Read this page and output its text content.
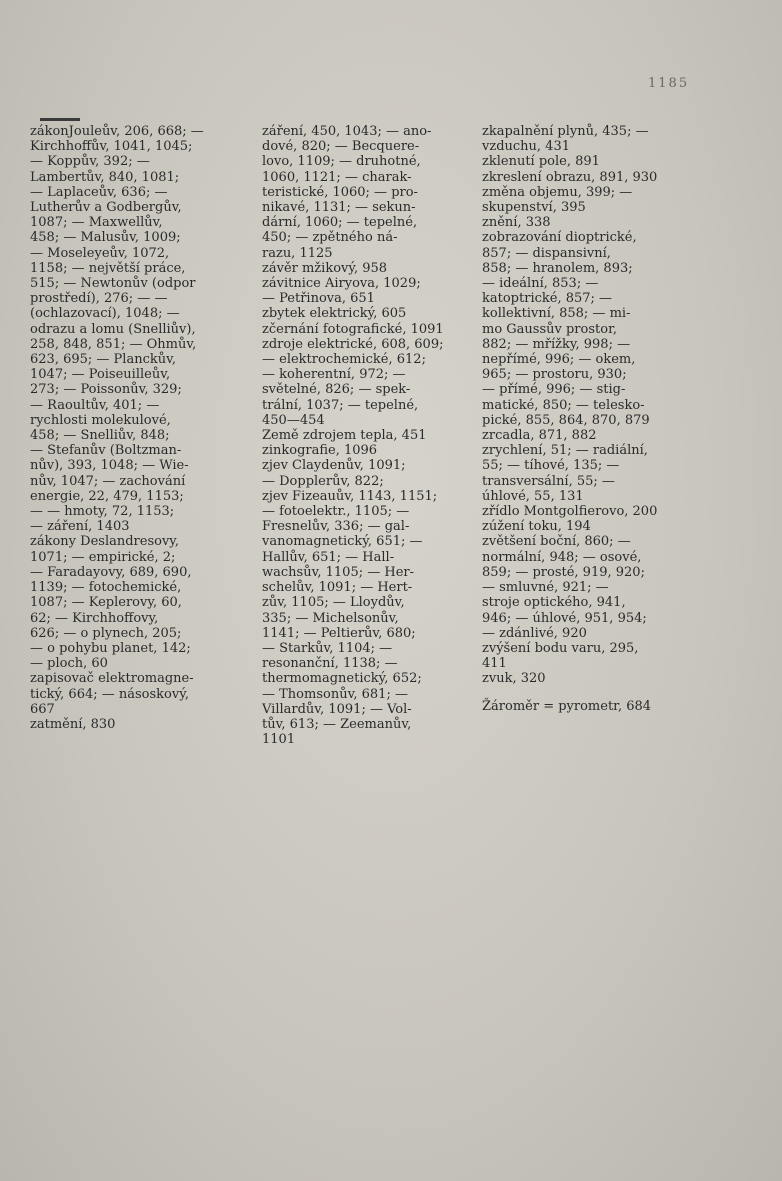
1185

zákonJouleův, 206, 668; —

Kirchhoffův, 1041, 1045;

— Koppův, 392; —

Lambertův, 840, 1081;

— Laplaceův, 636; —

Lutherův a Godbergův,

1087; — Maxwellův,

458; — Malusův, 1009;

— Moseleyeův, 1072,

1158; — největší práce,

515; — Newtonův (odpor

prostředí), 276; — —

(ochlazovací), 1048; —

odrazu a lomu (Snelliův),

258, 848, 851; — Ohmův,

623, 695; — Planckův,

1047; — Poiseuilleův,

273; — Poissonův, 329;

— Raoultův, 401; —

rychlosti molekulové,

458; — Snelliův, 848;

— Stefanův (Boltzman-

nův), 393, 1048; — Wie-

nův, 1047; — zachování

energie, 22, 479, 1153;

— — hmoty, 72, 1153;

— záření, 1403

zákony Deslandresovy,

1071; — empirické, 2;

— Faradayovy, 689, 690,

1139; — fotochemické,

1087; — Keplerovy, 60,

62; — Kirchhoffovy,

626; — o plynech, 205;

— o pohybu planet, 142;

— ploch, 60

zapisovač elektromagne-

tický, 664; — násoskový,

667

zatmění, 830

záření, 450, 1043; — ano-

dové, 820; — Becquere-

lovo, 1109; — druhotné,

1060, 1121; — charak-

teristické, 1060; — pro-

nikavé, 1131; — sekun-

dární, 1060; — tepelné,

450; — zpětného ná-

razu, 1125

závěr mžikový, 958

závitnice Airyova, 1029;

— Petřinova, 651

zbytek elektrický, 605

zčernání fotografické, 1091

zdroje elektrické, 608, 609;

— elektrochemické, 612;

— koherentní, 972; —

světelné, 826; — spek-

trální, 1037; — tepelné,

450—454

Země zdrojem tepla, 451

zinkografie, 1096

zjev Claydenův, 1091;

— Dopplerův, 822;

zjev Fizeauův, 1143, 1151;

— fotoelektr., 1105; —

Fresnelův, 336; — gal-

vanomagnetický, 651; —

Hallův, 651; — Hall-

wachsův, 1105; — Her-

schelův, 1091; — Hert-

zův, 1105; — Lloydův,

335; — Michelsonův,

1141; — Peltierův, 680;

— Starkův, 1104; —

resonanční, 1138; —

thermomagnetický, 652;

— Thomsonův, 681; —

Villardův, 1091; — Vol-

tův, 613; — Zeemanův,

1101

zkapalnění plynů, 435; —

vzduchu, 431

zklenutí pole, 891

zkreslení obrazu, 891, 930

změna objemu, 399; —

skupenství, 395

znění, 338

zobrazování dioptrické,

857; — dispansivní,

858; — hranolem, 893;

— ideální, 853; —

katoptrické, 857; —

kollektivní, 858; — mi-

mo Gaussův prostor,

882; — mřížky, 998; —

nepřímé, 996; — okem,

965; — prostoru, 930;

— přímé, 996; — stig-

matické, 850; — telesko-

pické, 855, 864, 870, 879

zrcadla, 871, 882

zrychlení, 51; — radiální,

55; — tíhové, 135; —

transversální, 55; —

úhlové, 55, 131

zřídlo Montgolfierovo, 200

zúžení toku, 194

zvětšení boční, 860; —

normální, 948; — osové,

859; — prosté, 919, 920;

— smluvné, 921; —

stroje optického, 941,

946; — úhlové, 951, 954;

— zdánlivé, 920

zvýšení bodu varu, 295,

411

zvuk, 320

Žároměr = pyrometr, 684
